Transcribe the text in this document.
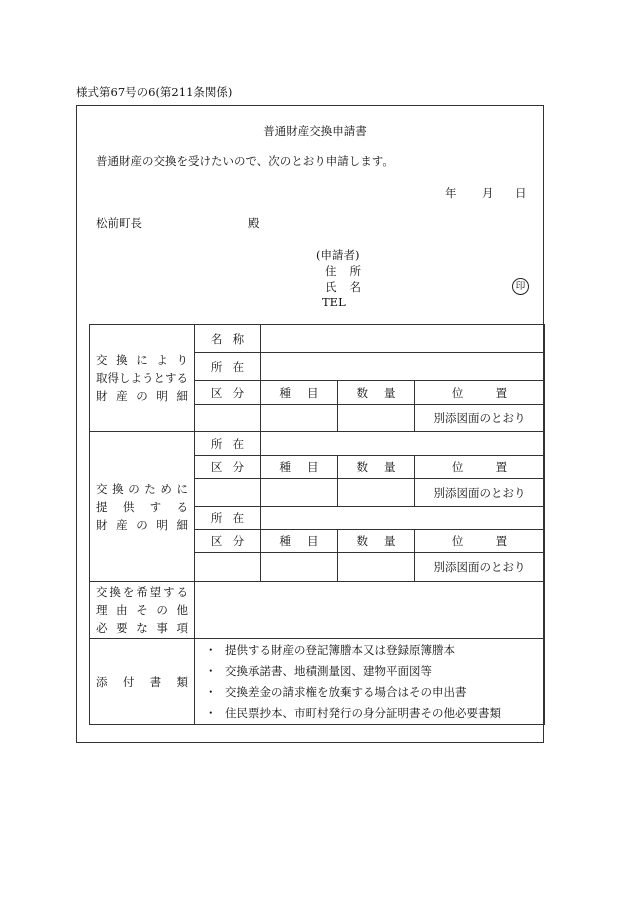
様式第67号の6(第211条関係)
普通財産交換申請書
普通財産の交換を受けたいので、次のとおり申請します。
年 月 日
松前町長	殿
(申請者)
住所
氏名
TEL
印
交換により
取得しようとする
財産の明細	名称			
	所在			
	区分	種目	数量	位置
				別添図面のとおり
交換のために
提供する
財産の明細	所在			
	区分	種目	数量	位置
				別添図面のとおり
	所在			
	区分	種目	数量	位置
				別添図面のとおり
交換を希望する
理由その他
必要な事項				
添付書類	・ 提供する財産の登記簿謄本又は登録原簿謄本
・ 交換承諾書、地積測量図、建物平面図等
・ 交換差金の請求権を放棄する場合はその申出書
・ 住民票抄本、市町村発行の身分証明書その他必要書類			
